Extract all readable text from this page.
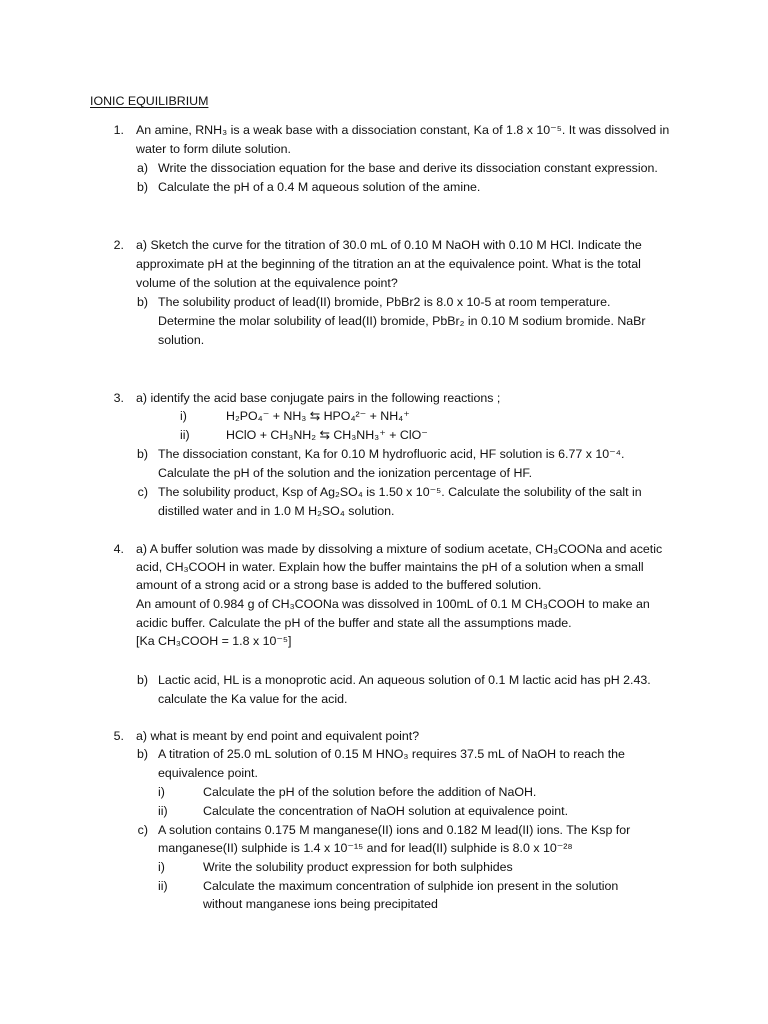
IONIC EQUILIBRIUM
1. An amine, RNH₃ is a weak base with a dissociation constant, Ka of 1.8 x 10⁻⁵. It was dissolved in
water to form dilute solution.
a) Write the dissociation equation for the base and derive its dissociation constant expression.
b) Calculate the pH of a 0.4 M aqueous solution of the amine.
2. a) Sketch the curve for the titration of 30.0 mL of 0.10 M NaOH with 0.10 M HCl. Indicate the
approximate pH at the beginning of the titration an at the equivalence point. What is the total
volume of the solution at the equivalence point?
b) The solubility product of lead(II) bromide, PbBr2 is 8.0 x 10-5 at room temperature.
Determine the molar solubility of lead(II) bromide, PbBr₂ in 0.10 M sodium bromide. NaBr
solution.
3. a) identify the acid base conjugate pairs in the following reactions ;
i)	H₂PO₄⁻ + NH₃ ⇆ HPO₄²⁻ + NH₄⁺
ii)	HClO + CH₃NH₂ ⇆ CH₃NH₃⁺ + ClO⁻
b) The dissociation constant, Ka for 0.10 M hydrofluoric acid, HF solution is 6.77 x 10⁻⁴.
Calculate the pH of the solution and the ionization percentage of HF.
c) The solubility product, Ksp of Ag₂SO₄ is 1.50 x 10⁻⁵. Calculate the solubility of the salt in
distilled water and in 1.0 M H₂SO₄ solution.
4. a) A buffer solution was made by dissolving a mixture of sodium acetate, CH₃COONa and acetic
acid, CH₃COOH in water. Explain how the buffer maintains the pH of a solution when a small
amount of a strong acid or a strong base is added to the buffered solution.
An amount of 0.984 g of CH₃COONa was dissolved in 100mL of 0.1 M CH₃COOH to make an
acidic buffer. Calculate the pH of the buffer and state all the assumptions made.
[Ka CH₃COOH = 1.8 x 10⁻⁵]
b) Lactic acid, HL is a monoprotic acid. An aqueous solution of 0.1 M lactic acid has pH 2.43.
calculate the Ka value for the acid.
5. a) what is meant by end point and equivalent point?
b) A titration of 25.0 mL solution of 0.15 M HNO₃ requires 37.5 mL of NaOH to reach the
equivalence point.
i)	Calculate the pH of the solution before the addition of NaOH.
ii)	Calculate the concentration of NaOH solution at equivalence point.
c) A solution contains 0.175 M manganese(II) ions and 0.182 M lead(II) ions. The Ksp for
manganese(II) sulphide is 1.4 x 10⁻¹⁵ and for lead(II) sulphide is 8.0 x 10⁻²⁸
i)	Write the solubility product expression for both sulphides
ii)	Calculate the maximum concentration of sulphide ion present in the solution
without manganese ions being precipitated
